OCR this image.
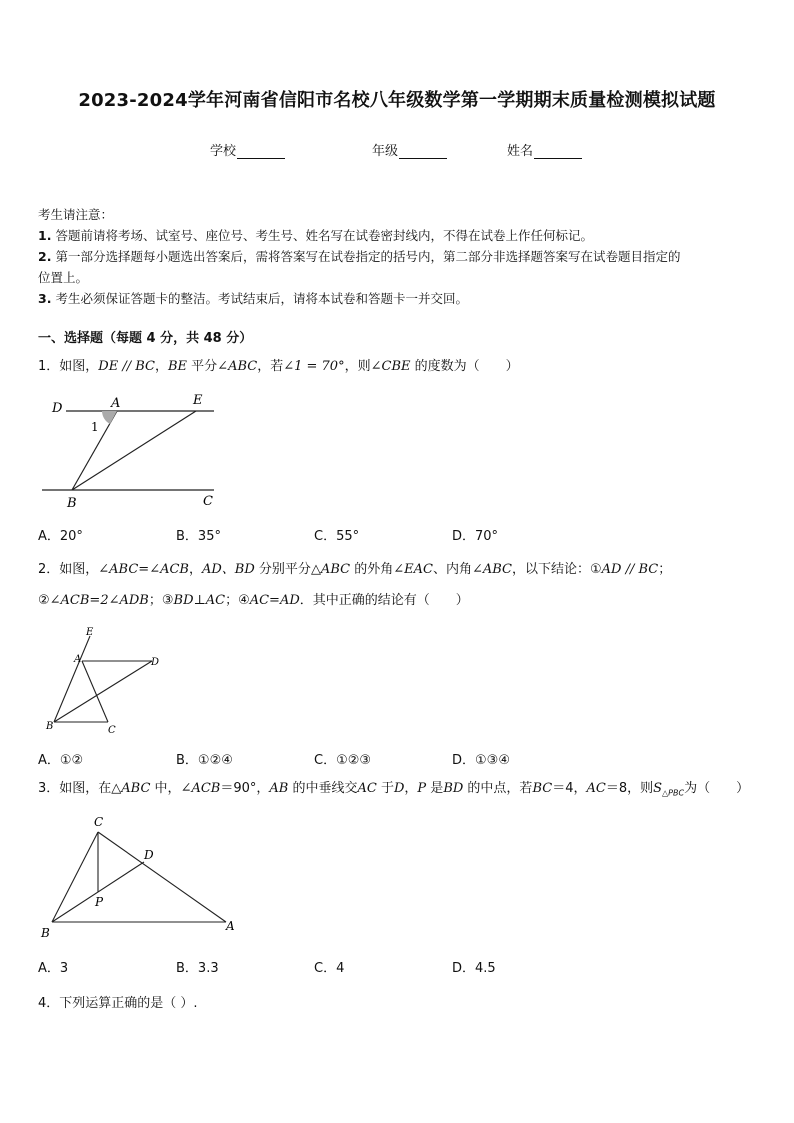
2023-2024学年河南省信阳市名校八年级数学第一学期期末质量检测模拟试题
学校	年级	姓名
考生请注意：
1. 答题前请将考场、试室号、座位号、考生号、姓名写在试卷密封线内，不得在试卷上作任何标记。
2. 第一部分选择题每小题选出答案后，需将答案写在试卷指定的括号内，第二部分非选择题答案写在试卷题目指定的
位置上。
3. 考生必须保证答题卡的整洁。考试结束后，请将本试卷和答题卡一并交回。
一、选择题（每题 4 分，共 48 分）
1．如图，DE // BC，BE 平分∠ABC，若∠1 = 70°，则∠CBE 的度数为（　　）
D	A	E
1
B	C
A．20°	B．35°	C．55°	D．70°
2．如图，∠ABC=∠ACB，AD、BD 分别平分△ABC 的外角∠EAC、内角∠ABC，以下结论：①AD // BC；
②∠ACB=2∠ADB；③BD⊥AC；④AC=AD．其中正确的结论有（　　）
E
A	D
B	C
A．①②	B．①②④	C．①②③	D．①③④
3．如图，在△ABC 中，∠ACB＝90°，AB 的中垂线交AC 于D，P 是BD 的中点，若BC＝4，AC＝8，则$S_{\triangle PBC}$为（　　）
C
D
P
B	A
A．3	B．3.3	C．4	D．4.5
4．下列运算正确的是（ ）.
